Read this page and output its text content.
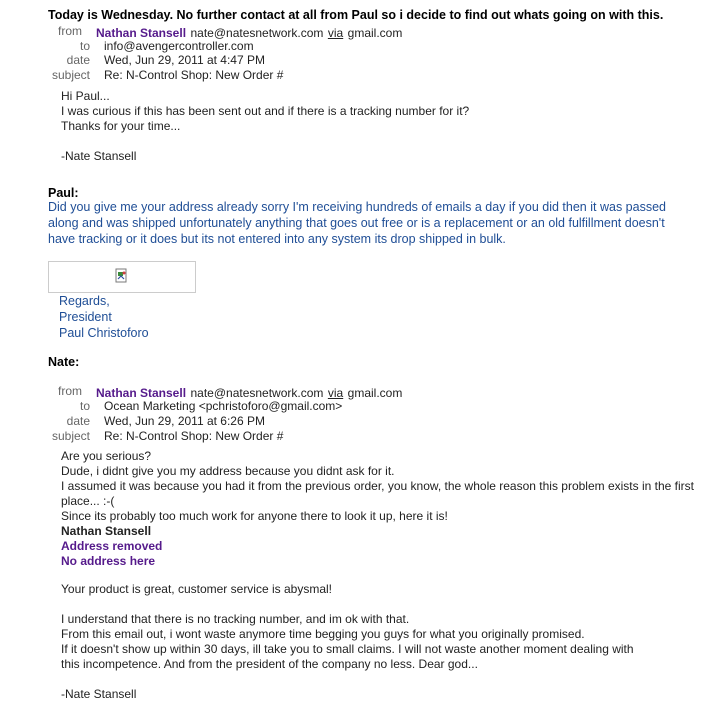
Today is Wednesday. No further contact at all from Paul so i decide to find out whats going on with this.
from Nathan Stansell nate@natesnetwork.com via gmail.com
to info@avengercontroller.com
date Wed, Jun 29, 2011 at 4:47 PM
subject Re: N-Control Shop: New Order #
Hi Paul...
I was curious if this has been sent out and if there is a tracking number for it?
Thanks for your time...
-Nate Stansell
Paul:
Did you give me your address already sorry I'm receiving hundreds of emails a day if you did then it was passed
along and was shipped unfortunately anything that goes out free or is a replacement or an old fulfillment doesn't
have tracking or it does but its not entered into any system its drop shipped in bulk.
Regards,
President
Paul Christoforo
Nate:
from Nathan Stansell nate@natesnetwork.com via gmail.com
to Ocean Marketing <pchristoforo@gmail.com>
date Wed, Jun 29, 2011 at 6:26 PM
subject Re: N-Control Shop: New Order #
Are you serious?
Dude, i didnt give you my address because you didnt ask for it.
I assumed it was because you had it from the previous order, you know, the whole reason this problem exists in the first
place... :-(
Since its probably too much work for anyone there to look it up, here it is!
Nathan Stansell
Address removed
No address here
Your product is great, customer service is abysmal!
I understand that there is no tracking number, and im ok with that.
From this email out, i wont waste anymore time begging you guys for what you originally promised.
If it doesn't show up within 30 days, ill take you to small claims. I will not waste another moment dealing with
this incompetence. And from the president of the company no less. Dear god...
-Nate Stansell
